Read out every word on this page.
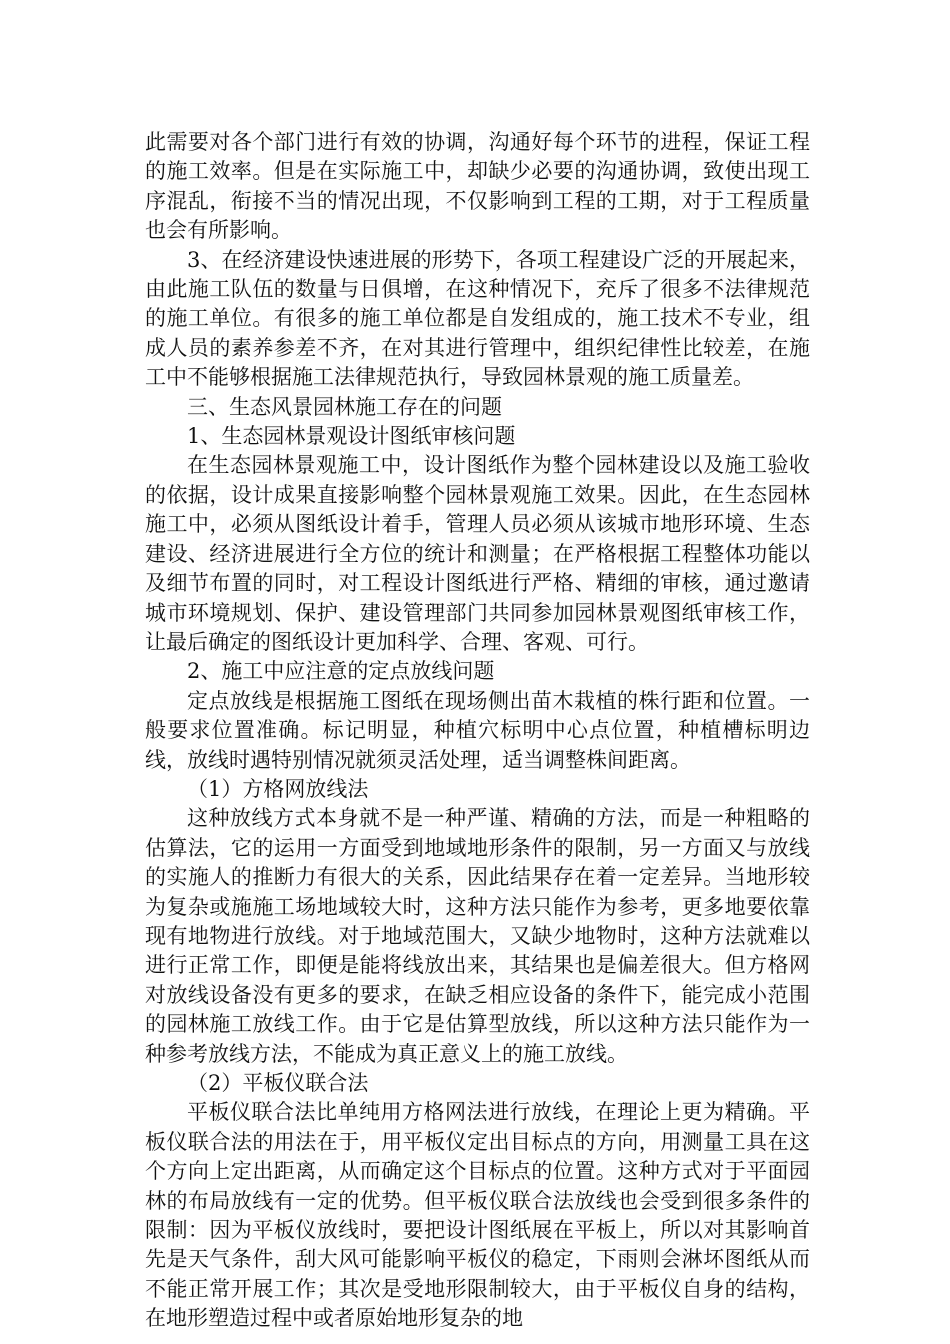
此需要对各个部门进行有效的协调，沟通好每个环节的进程，保证工程的施工效率。但是在实际施工中，却缺少必要的沟通协调，致使出现工序混乱，衔接不当的情况出现，不仅影响到工程的工期，对于工程质量也会有所影响。

3、在经济建设快速进展的形势下，各项工程建设广泛的开展起来，由此施工队伍的数量与日俱增，在这种情况下，充斥了很多不法律规范的施工单位。有很多的施工单位都是自发组成的，施工技术不专业，组成人员的素养参差不齐，在对其进行管理中，组织纪律性比较差，在施工中不能够根据施工法律规范执行，导致园林景观的施工质量差。

三、生态风景园林施工存在的问题

1、生态园林景观设计图纸审核问题

在生态园林景观施工中，设计图纸作为整个园林建设以及施工验收的依据，设计成果直接影响整个园林景观施工效果。因此，在生态园林施工中，必须从图纸设计着手，管理人员必须从该城市地形环境、生态建设、经济进展进行全方位的统计和测量；在严格根据工程整体功能以及细节布置的同时，对工程设计图纸进行严格、精细的审核，通过邀请城市环境规划、保护、建设管理部门共同参加园林景观图纸审核工作，让最后确定的图纸设计更加科学、合理、客观、可行。

2、施工中应注意的定点放线问题

定点放线是根据施工图纸在现场侧出苗木栽植的株行距和位置。一般要求位置准确。标记明显，种植穴标明中心点位置，种植槽标明边线，放线时遇特别情况就须灵活处理，适当调整株间距离。

（1）方格网放线法

这种放线方式本身就不是一种严谨、精确的方法，而是一种粗略的估算法，它的运用一方面受到地域地形条件的限制，另一方面又与放线的实施人的推断力有很大的关系，因此结果存在着一定差异。当地形较为复杂或施施工场地域较大时，这种方法只能作为参考，更多地要依靠现有地物进行放线。对于地域范围大，又缺少地物时，这种方法就难以进行正常工作，即便是能将线放出来，其结果也是偏差很大。但方格网对放线设备没有更多的要求，在缺乏相应设备的条件下，能完成小范围的园林施工放线工作。由于它是估算型放线，所以这种方法只能作为一种参考放线方法，不能成为真正意义上的施工放线。

（2）平板仪联合法

平板仪联合法比单纯用方格网法进行放线，在理论上更为精确。平板仪联合法的用法在于，用平板仪定出目标点的方向，用测量工具在这个方向上定出距离，从而确定这个目标点的位置。这种方式对于平面园林的布局放线有一定的优势。但平板仪联合法放线也会受到很多条件的限制：因为平板仪放线时，要把设计图纸展在平板上，所以对其影响首先是天气条件，刮大风可能影响平板仪的稳定，下雨则会淋坏图纸从而不能正常开展工作；其次是受地形限制较大，由于平板仪自身的结构，在地形塑造过程中或者原始地形复杂的地
